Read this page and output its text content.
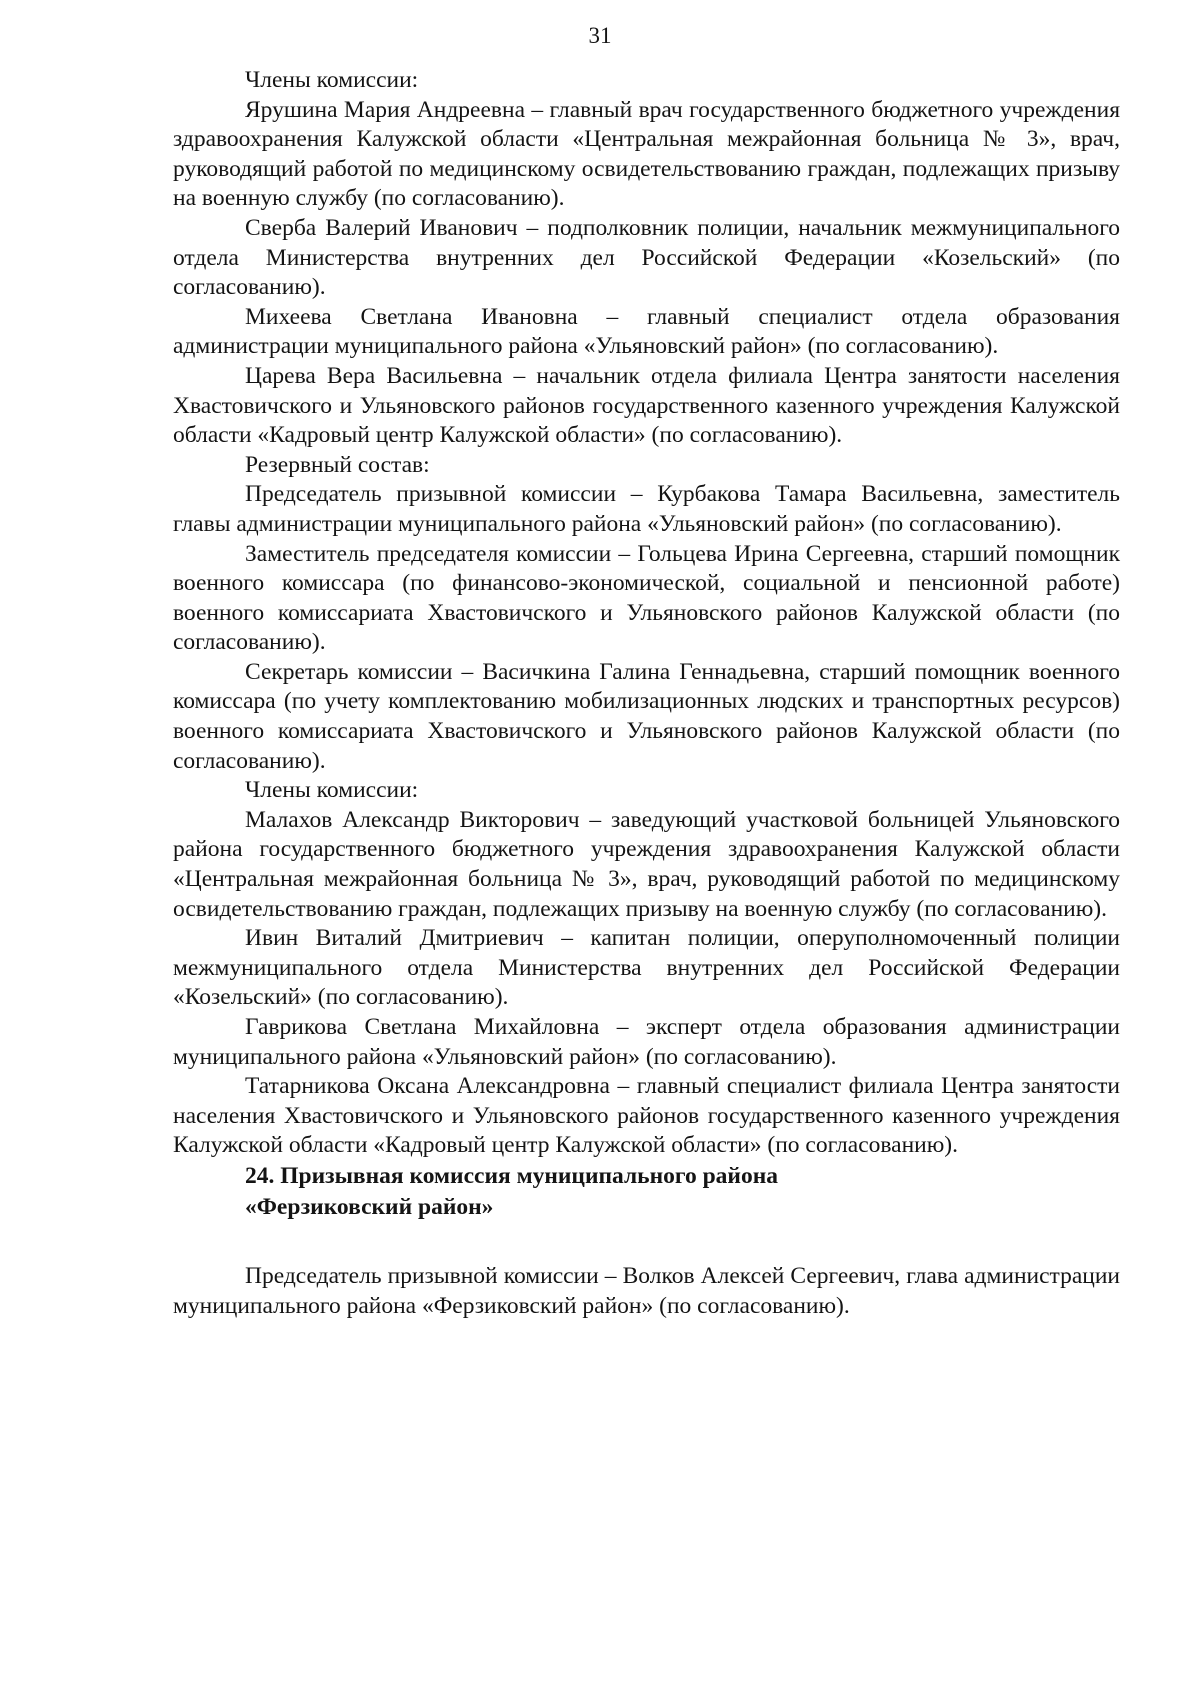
31

Члены комиссии:

Ярушина Мария Андреевна – главный врач государственного бюджетного учреждения здравоохранения Калужской области «Центральная межрайонная больница № 3», врач, руководящий работой по медицинскому освидетельствованию граждан, подлежащих призыву на военную службу (по согласованию).

Сверба Валерий Иванович – подполковник полиции, начальник межмуниципального отдела Министерства внутренних дел Российской Федерации «Козельский» (по согласованию).

Михеева Светлана Ивановна – главный специалист отдела образования администрации муниципального района «Ульяновский район» (по согласованию).

Царева Вера Васильевна – начальник отдела филиала Центра занятости населения Хвастовичского и Ульяновского районов государственного казенного учреждения Калужской области «Кадровый центр Калужской области» (по согласованию).

Резервный состав:

Председатель призывной комиссии – Курбакова Тамара Васильевна, заместитель главы администрации муниципального района «Ульяновский район» (по согласованию).

Заместитель председателя комиссии – Гольцева Ирина Сергеевна, старший помощник военного комиссара (по финансово-экономической, социальной и пенсионной работе) военного комиссариата Хвастовичского и Ульяновского районов Калужской области (по согласованию).

Секретарь комиссии – Васичкина Галина Геннадьевна, старший помощник военного комиссара (по учету комплектованию мобилизационных людских и транспортных ресурсов) военного комиссариата Хвастовичского и Ульяновского районов Калужской области (по согласованию).

Члены комиссии:

Малахов Александр Викторович – заведующий участковой больницей Ульяновского района государственного бюджетного учреждения здравоохранения Калужской области «Центральная межрайонная больница № 3», врач, руководящий работой по медицинскому освидетельствованию граждан, подлежащих призыву на военную службу (по согласованию).

Ивин Виталий Дмитриевич – капитан полиции, оперуполномоченный полиции межмуниципального отдела Министерства внутренних дел Российской Федерации «Козельский» (по согласованию).

Гаврикова Светлана Михайловна – эксперт отдела образования администрации муниципального района «Ульяновский район» (по согласованию).

Татарникова Оксана Александровна – главный специалист филиала Центра занятости населения Хвастовичского и Ульяновского районов государственного казенного учреждения Калужской области «Кадровый центр Калужской области» (по согласованию).

24. Призывная комиссия муниципального района
«Ферзиковский район»

Председатель призывной комиссии – Волков Алексей Сергеевич, глава администрации муниципального района «Ферзиковский район» (по согласованию).
